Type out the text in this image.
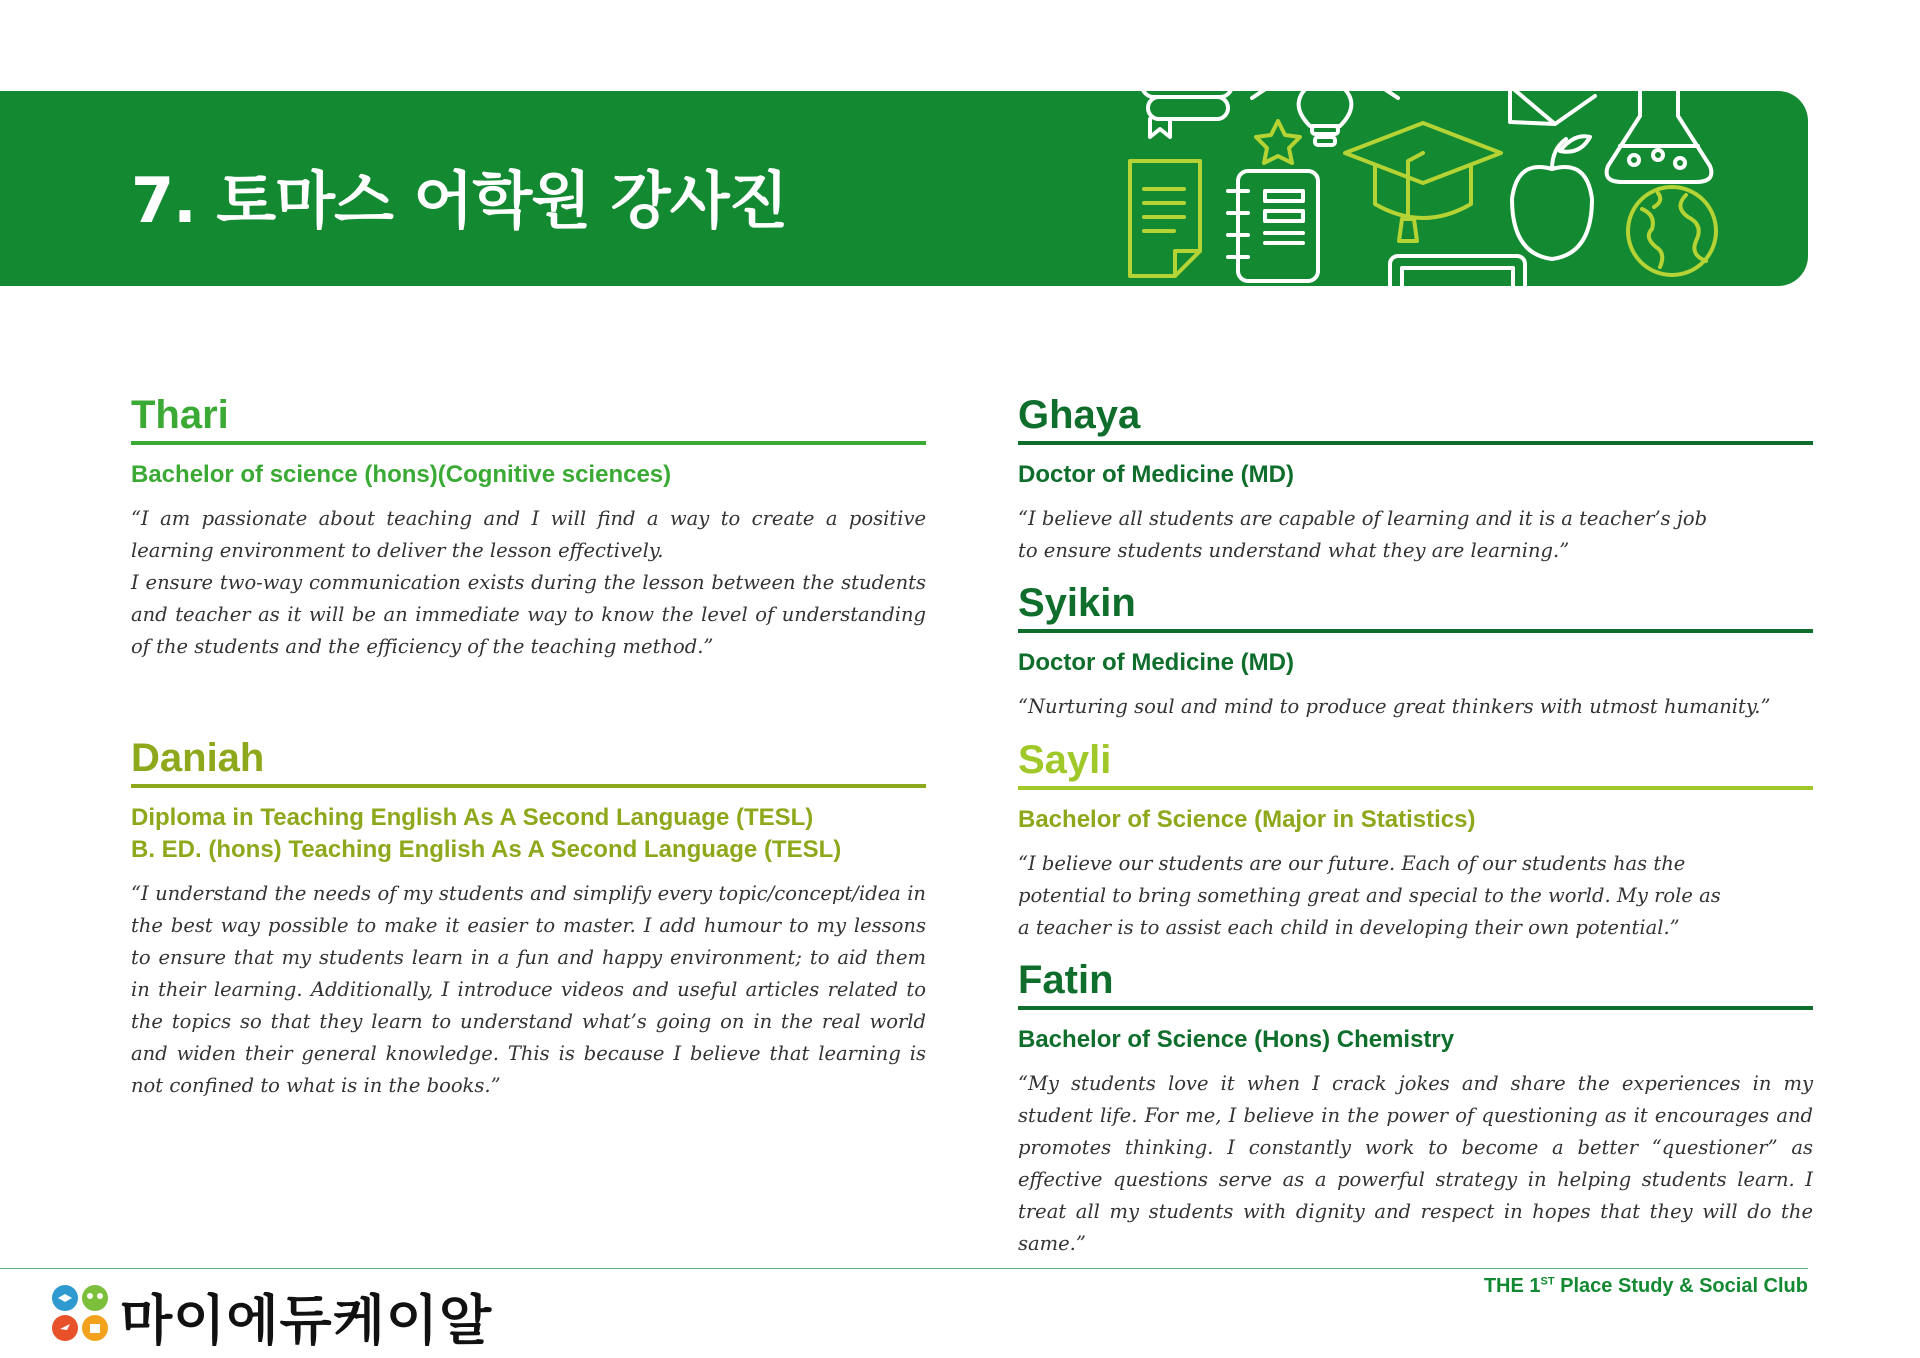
7. 토마스 어학원 강사진
Thari
Bachelor of science (hons)(Cognitive sciences)
“I am passionate about teaching and I will find a way to create a positive learning environment to deliver the lesson effectively.
I ensure two-way communication exists during the lesson between the students and teacher as it will be an immediate way to know the level of understanding of the students and the efficiency of the teaching method.”
Daniah
Diploma in Teaching English As A Second Language (TESL)
B. ED. (hons) Teaching English As A Second Language (TESL)
“I understand the needs of my students and simplify every topic/concept/idea in the best way possible to make it easier to master. I add humour to my lessons to ensure that my students learn in a fun and happy environment; to aid them in their learning. Additionally, I introduce videos and useful articles related to the topics so that they learn to understand what’s going on in the real world and widen their general knowledge. This is because I believe that learning is not confined to what is in the books.”
Ghaya
Doctor of Medicine (MD)
“I believe all students are capable of learning and it is a teacher’s job
to ensure students understand what they are learning.”
Syikin
Doctor of Medicine (MD)
“Nurturing soul and mind to produce great thinkers with utmost humanity.”
Sayli
Bachelor of Science (Major in Statistics)
“I believe our students are our future. Each of our students has the
potential to bring something great and special to the world. My role as
a teacher is to assist each child in developing their own potential.”
Fatin
Bachelor of Science (Hons) Chemistry
“My students love it when I crack jokes and share the experiences in my student life. For me, I believe in the power of questioning as it encourages and promotes thinking. I constantly work to become a better “questioner” as effective questions serve as a powerful strategy in helping students learn. I treat all my students with dignity and respect in hopes that they will do the same.”
마이에듀케이알
THE 1ST Place Study & Social Club
